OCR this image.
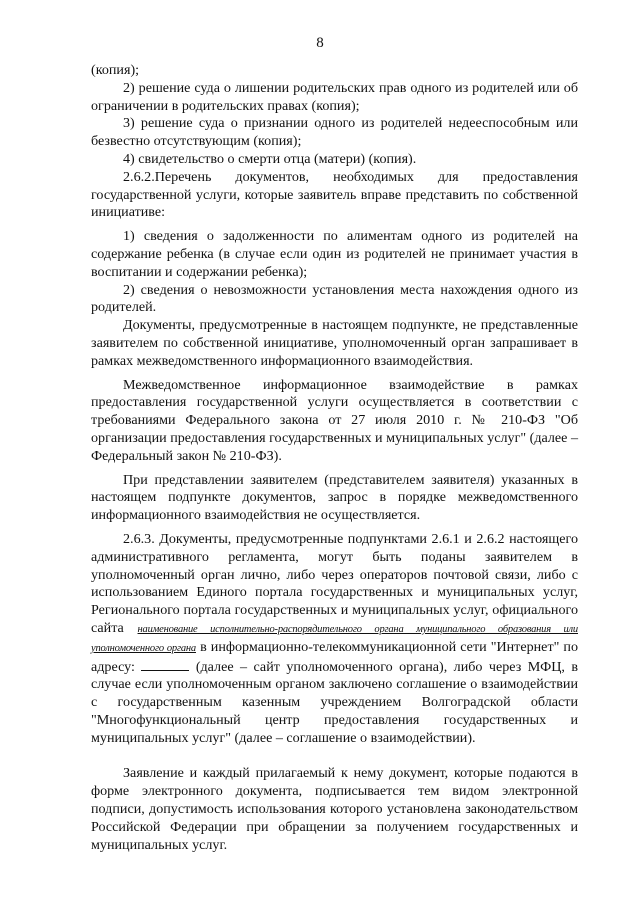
8

(копия);

2) решение суда о лишении родительских прав одного из родителей или об ограничении в родительских правах (копия);

3) решение суда о признании одного из родителей недееспособным или безвестно отсутствующим (копия);

4) свидетельство о смерти отца (матери) (копия).

2.6.2.Перечень документов, необходимых для предоставления государственной услуги, которые заявитель вправе представить по собственной инициативе:

1) сведения о задолженности по алиментам одного из родителей на содержание ребенка (в случае если один из родителей не принимает участия в воспитании и содержании ребенка);

2) сведения о невозможности установления места нахождения одного из родителей.

Документы, предусмотренные в настоящем подпункте, не представленные заявителем по собственной инициативе, уполномоченный орган запрашивает в рамках межведомственного информационного взаимодействия.

Межведомственное информационное взаимодействие в рамках предоставления государственной услуги осуществляется в соответствии с требованиями Федерального закона от 27 июля 2010 г. № 210-ФЗ "Об организации предоставления государственных и муниципальных услуг" (далее – Федеральный закон № 210-ФЗ).

При представлении заявителем (представителем заявителя) указанных в настоящем подпункте документов, запрос в порядке межведомственного информационного взаимодействия не осуществляется.

2.6.3. Документы, предусмотренные подпунктами 2.6.1 и 2.6.2 настоящего административного регламента, могут быть поданы заявителем в уполномоченный орган лично, либо через операторов почтовой связи, либо с использованием Единого портала государственных и муниципальных услуг, Регионального портала государственных и муниципальных услуг, официального сайта наименование исполнительно-распорядительного органа муниципального образования или уполномоченного органа в информационно-телекоммуникационной сети "Интернет" по адресу:	(далее – сайт уполномоченного органа), либо через МФЦ, в случае если уполномоченным органом заключено соглашение о взаимодействии с государственным казенным учреждением Волгоградской области "Многофункциональный центр предоставления государственных и муниципальных услуг" (далее – соглашение о взаимодействии).

Заявление и каждый прилагаемый к нему документ, которые подаются в форме электронного документа, подписывается тем видом электронной подписи, допустимость использования которого установлена законодательством Российской Федерации при обращении за получением государственных и муниципальных услуг.
